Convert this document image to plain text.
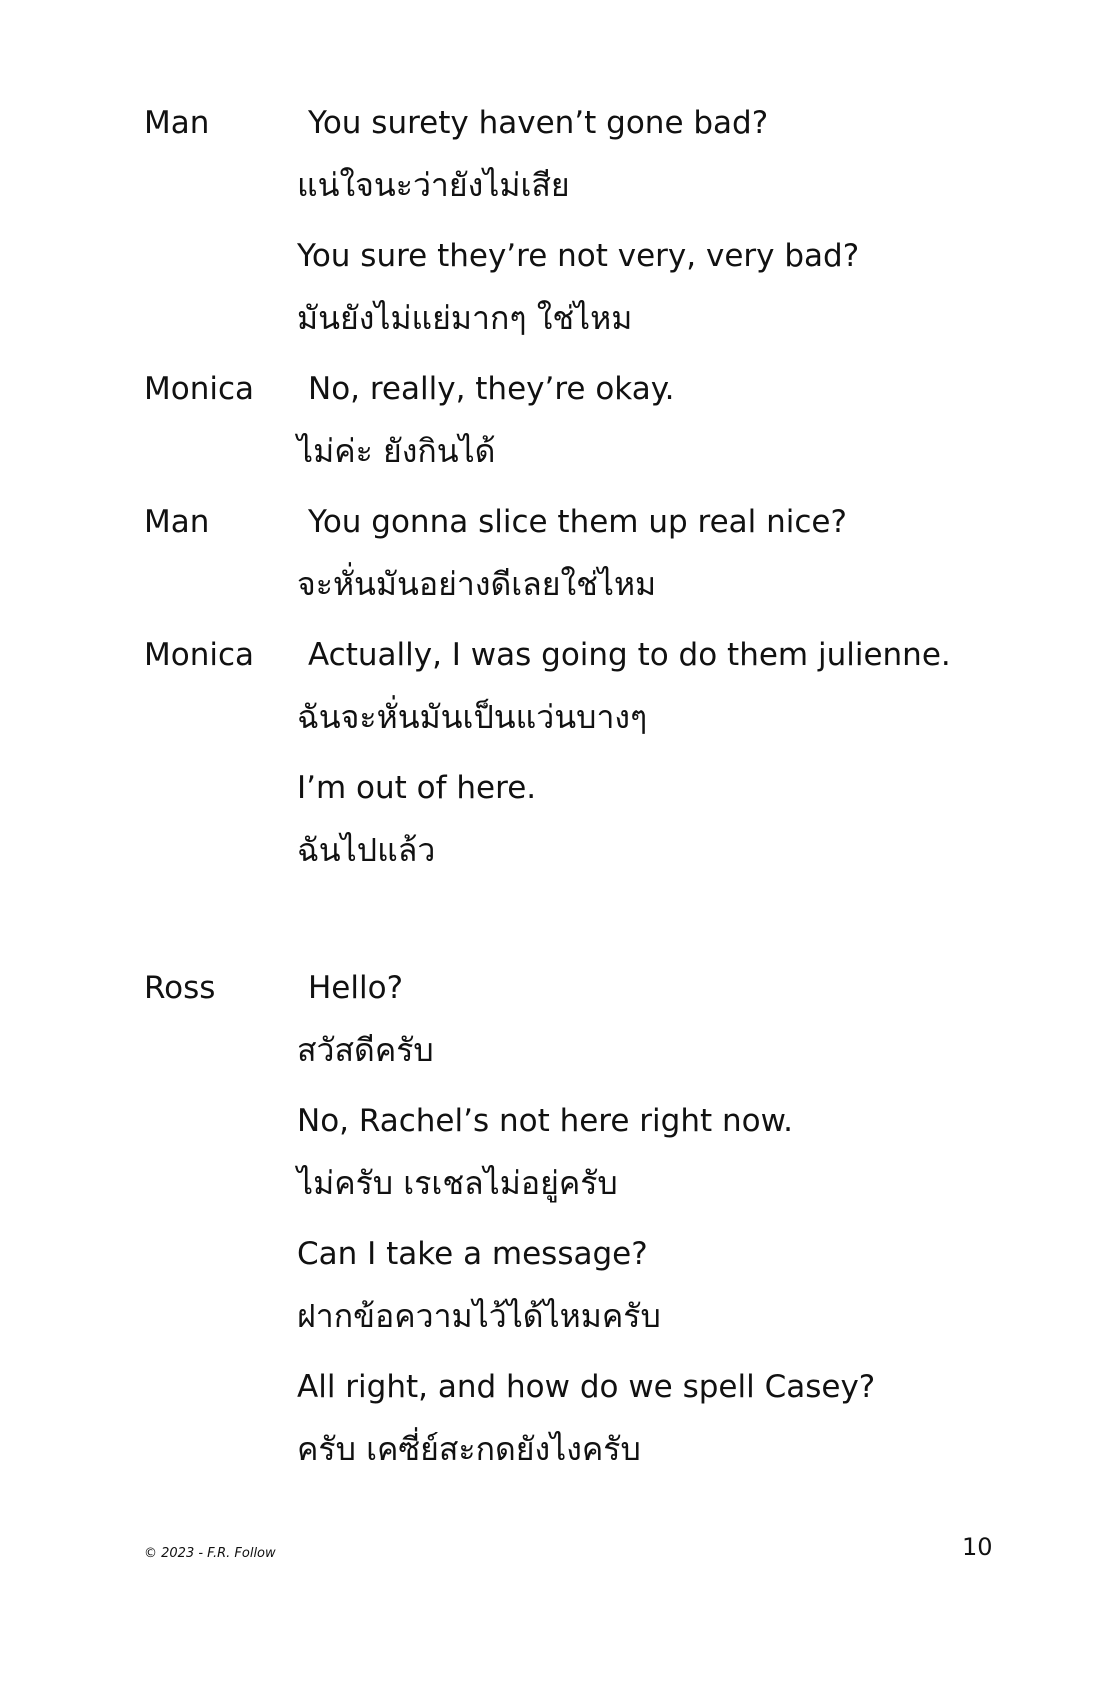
Man	You surety haven’t gone bad?
แน่ใจนะว่ายังไม่เสีย
You sure they’re not very, very bad?
มันยังไม่แย่มากๆ ใช่ไหม
Monica No, really, they’re okay.
ไม่ค่ะ ยังกินได้
Man	You gonna slice them up real nice?
จะหั่นมันอย่างดีเลยใช่ไหม
Monica Actually, I was going to do them julienne.
ฉันจะหั่นมันเป็นแว่นบางๆ
I’m out of here.
ฉันไปแล้ว
Ross	Hello?
สวัสดีครับ
No, Rachel’s not here right now.
ไม่ครับ เรเชลไม่อยู่ครับ
Can I take a message?
ฝากข้อความไว้ได้ไหมครับ
All right, and how do we spell Casey?
ครับ เคซี่ย์สะกดยังไงครับ
© 2023 - F.R. Follow	10
